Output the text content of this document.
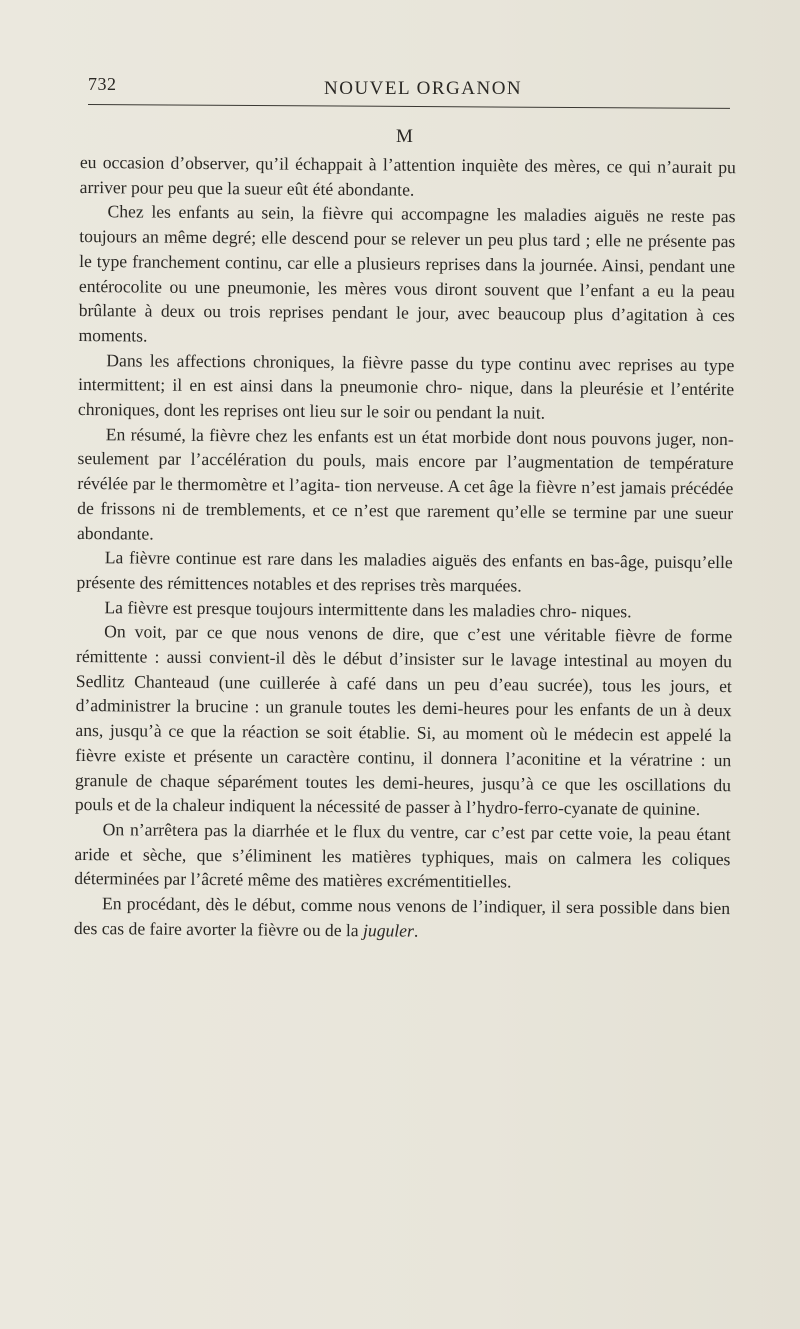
732	NOUVEL ORGANON
M

eu occasion d’observer, qu’il échappait à l’attention inquiète des mères, ce qui n’aurait pu arriver pour peu que la sueur eût été abondante.

Chez les enfants au sein, la fièvre qui accompagne les maladies aiguës ne reste pas toujours an même degré; elle descend pour se relever un peu plus tard ; elle ne présente pas le type franchement continu, car elle a plusieurs reprises dans la journée. Ainsi, pendant une entérocolite ou une pneumonie, les mères vous diront souvent que l’enfant a eu la peau brûlante à deux ou trois reprises pendant le jour, avec beaucoup plus d’agitation à ces moments.

Dans les affections chroniques, la fièvre passe du type continu avec reprises au type intermittent; il en est ainsi dans la pneumonie chro- nique, dans la pleurésie et l’entérite chroniques, dont les reprises ont lieu sur le soir ou pendant la nuit.

En résumé, la fièvre chez les enfants est un état morbide dont nous pouvons juger, non-seulement par l’accélération du pouls, mais encore par l’augmentation de température révélée par le thermomètre et l’agita- tion nerveuse. A cet âge la fièvre n’est jamais précédée de frissons ni de tremblements, et ce n’est que rarement qu’elle se termine par une sueur abondante.

La fièvre continue est rare dans les maladies aiguës des enfants en bas-âge, puisqu’elle présente des rémittences notables et des reprises très marquées.

La fièvre est presque toujours intermittente dans les maladies chro- niques.

On voit, par ce que nous venons de dire, que c’est une véritable fièvre de forme rémittente : aussi convient-il dès le début d’insister sur le lavage intestinal au moyen du Sedlitz Chanteaud (une cuillerée à café dans un peu d’eau sucrée), tous les jours, et d’administrer la brucine : un granule toutes les demi-heures pour les enfants de un à deux ans, jusqu’à ce que la réaction se soit établie. Si, au moment où le médecin est appelé la fièvre existe et présente un caractère continu, il donnera l’aconitine et la vératrine : un granule de chaque séparément toutes les demi-heures, jusqu’à ce que les oscillations du pouls et de la chaleur indiquent la nécessité de passer à l’hydro-ferro-cyanate de quinine.

On n’arrêtera pas la diarrhée et le flux du ventre, car c’est par cette voie, la peau étant aride et sèche, que s’éliminent les matières typhiques, mais on calmera les coliques déterminées par l’âcreté même des matières excrémentitielles.

En procédant, dès le début, comme nous venons de l’indiquer, il sera possible dans bien des cas de faire avorter la fièvre ou de la juguler.
